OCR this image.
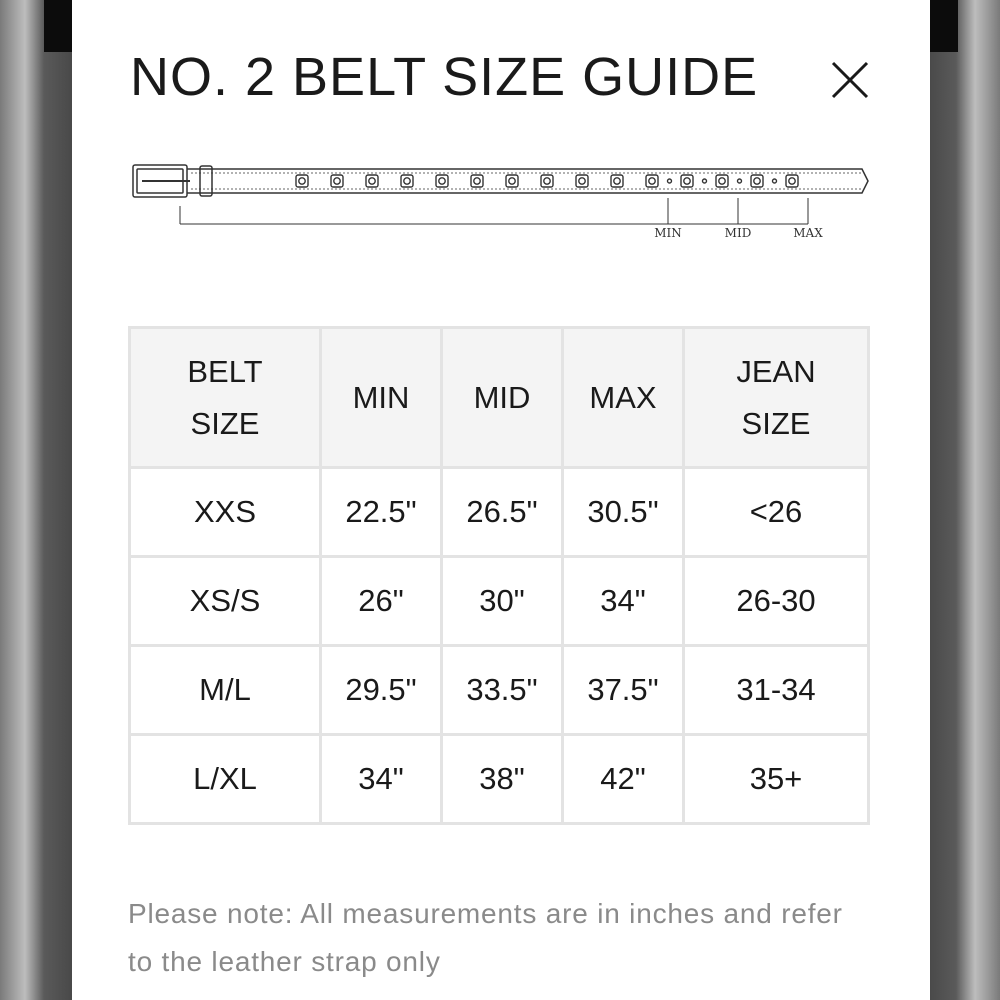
NO. 2 BELT SIZE GUIDE
MIN	MID	MAX
BELT
SIZE	MIN	MID	MAX	JEAN
SIZE

XXS	22.5"	26.5"	30.5"	<26
XS/S	26"	30"	34"	26-30
M/L	29.5"	33.5"	37.5"	31-34
L/XL	34"	38"	42"	35+

Please note: All measurements are in inches and refer to the leather strap only
